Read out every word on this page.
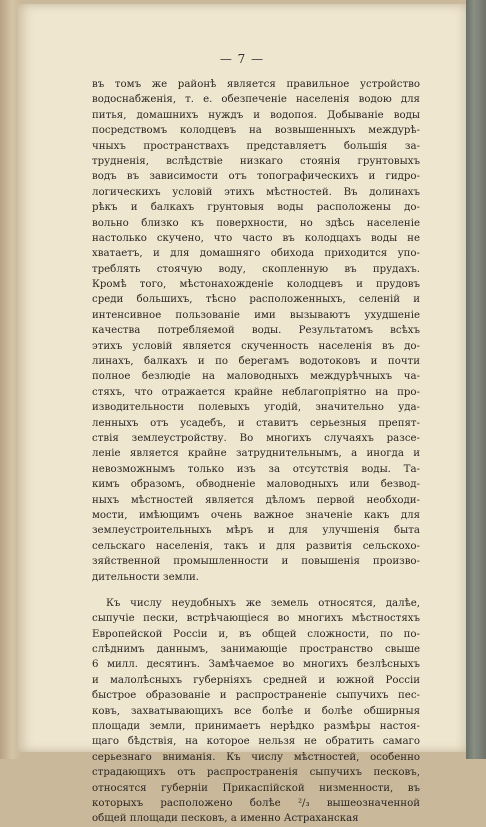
— 7 —
въ томъ же районѣ является правильное устройство
водоснабженія, т. е. обезпеченіе населенія водою для
питья, домашнихъ нуждъ и водопоя. Добываніе воды
посредствомъ колодцевъ на возвышенныхъ междурѣ-
чныхъ пространствахъ представляетъ большія за-
трудненія, вслѣдствіе низкаго стоянія грунтовыхъ
водъ въ зависимости отъ топографическихъ и гидро-
логическихъ условій этихъ мѣстностей. Въ долинахъ
рѣкъ и балкахъ грунтовыя воды расположены до-
вольно близко къ поверхности, но здѣсь населеніе
настолько скучено, что часто въ колодцахъ воды не
хватаетъ, и для домашняго обихода приходится упо-
треблять стоячую воду, скопленную въ прудахъ.
Кромѣ того, мѣстонахожденіе колодцевъ и прудовъ
среди большихъ, тѣсно расположенныхъ, селеній и
интенсивное пользованіе ими вызываютъ ухудшеніе
качества потребляемой воды. Результатомъ всѣхъ
этихъ условій является скученность населенія въ до-
линахъ, балкахъ и по берегамъ водотоковъ и почти
полное безлюдіе на маловодныхъ междурѣчныхъ ча-
стяхъ, что отражается крайне неблагопріятно на про-
изводительности полевыхъ угодій, значительно уда-
ленныхъ отъ усадебъ, и ставитъ серьезныя препят-
ствія землеустройству. Во многихъ случаяхъ разсе-
леніе является крайне затруднительнымъ, а иногда и
невозможнымъ только изъ за отсутствія воды. Та-
кимъ образомъ, обводненіе маловодныхъ или безвод-
ныхъ мѣстностей является дѣломъ первой необходи-
мости, имѣющимъ очень важное значеніе какъ для
землеустроительныхъ мѣръ и для улучшенія быта
сельскаго населенія, такъ и для развитія сельскохо-
зяйственной промышленности и повышенія произво-
дительности земли.
Къ числу неудобныхъ же земель относятся, далѣе,
сыпучіе пески, встрѣчающіеся во многихъ мѣстностяхъ
Европейской Россіи и, въ общей сложности, по по-
слѣднимъ даннымъ, занимающіе пространство свыше
6 милл. десятинъ. Замѣчаемое во многихъ безлѣсныхъ
и малолѣсныхъ губерніяхъ средней и южной Россіи
быстрое образованіе и распространеніе сыпучихъ пес-
ковъ, захватывающихъ все болѣе и болѣе обширныя
площади земли, принимаетъ нерѣдко размѣры настоя-
щаго бѣдствія, на которое нельзя не обратить самаго
серьезнаго вниманія. Къ числу мѣстностей, особенно
страдающихъ отъ распространенія сыпучихъ песковъ,
относятся губерніи Прикаспійской низменности, въ
которыхъ расположено болѣе ²/₃ вышеозначенной
общей площади песковъ, а именно Астраханская
